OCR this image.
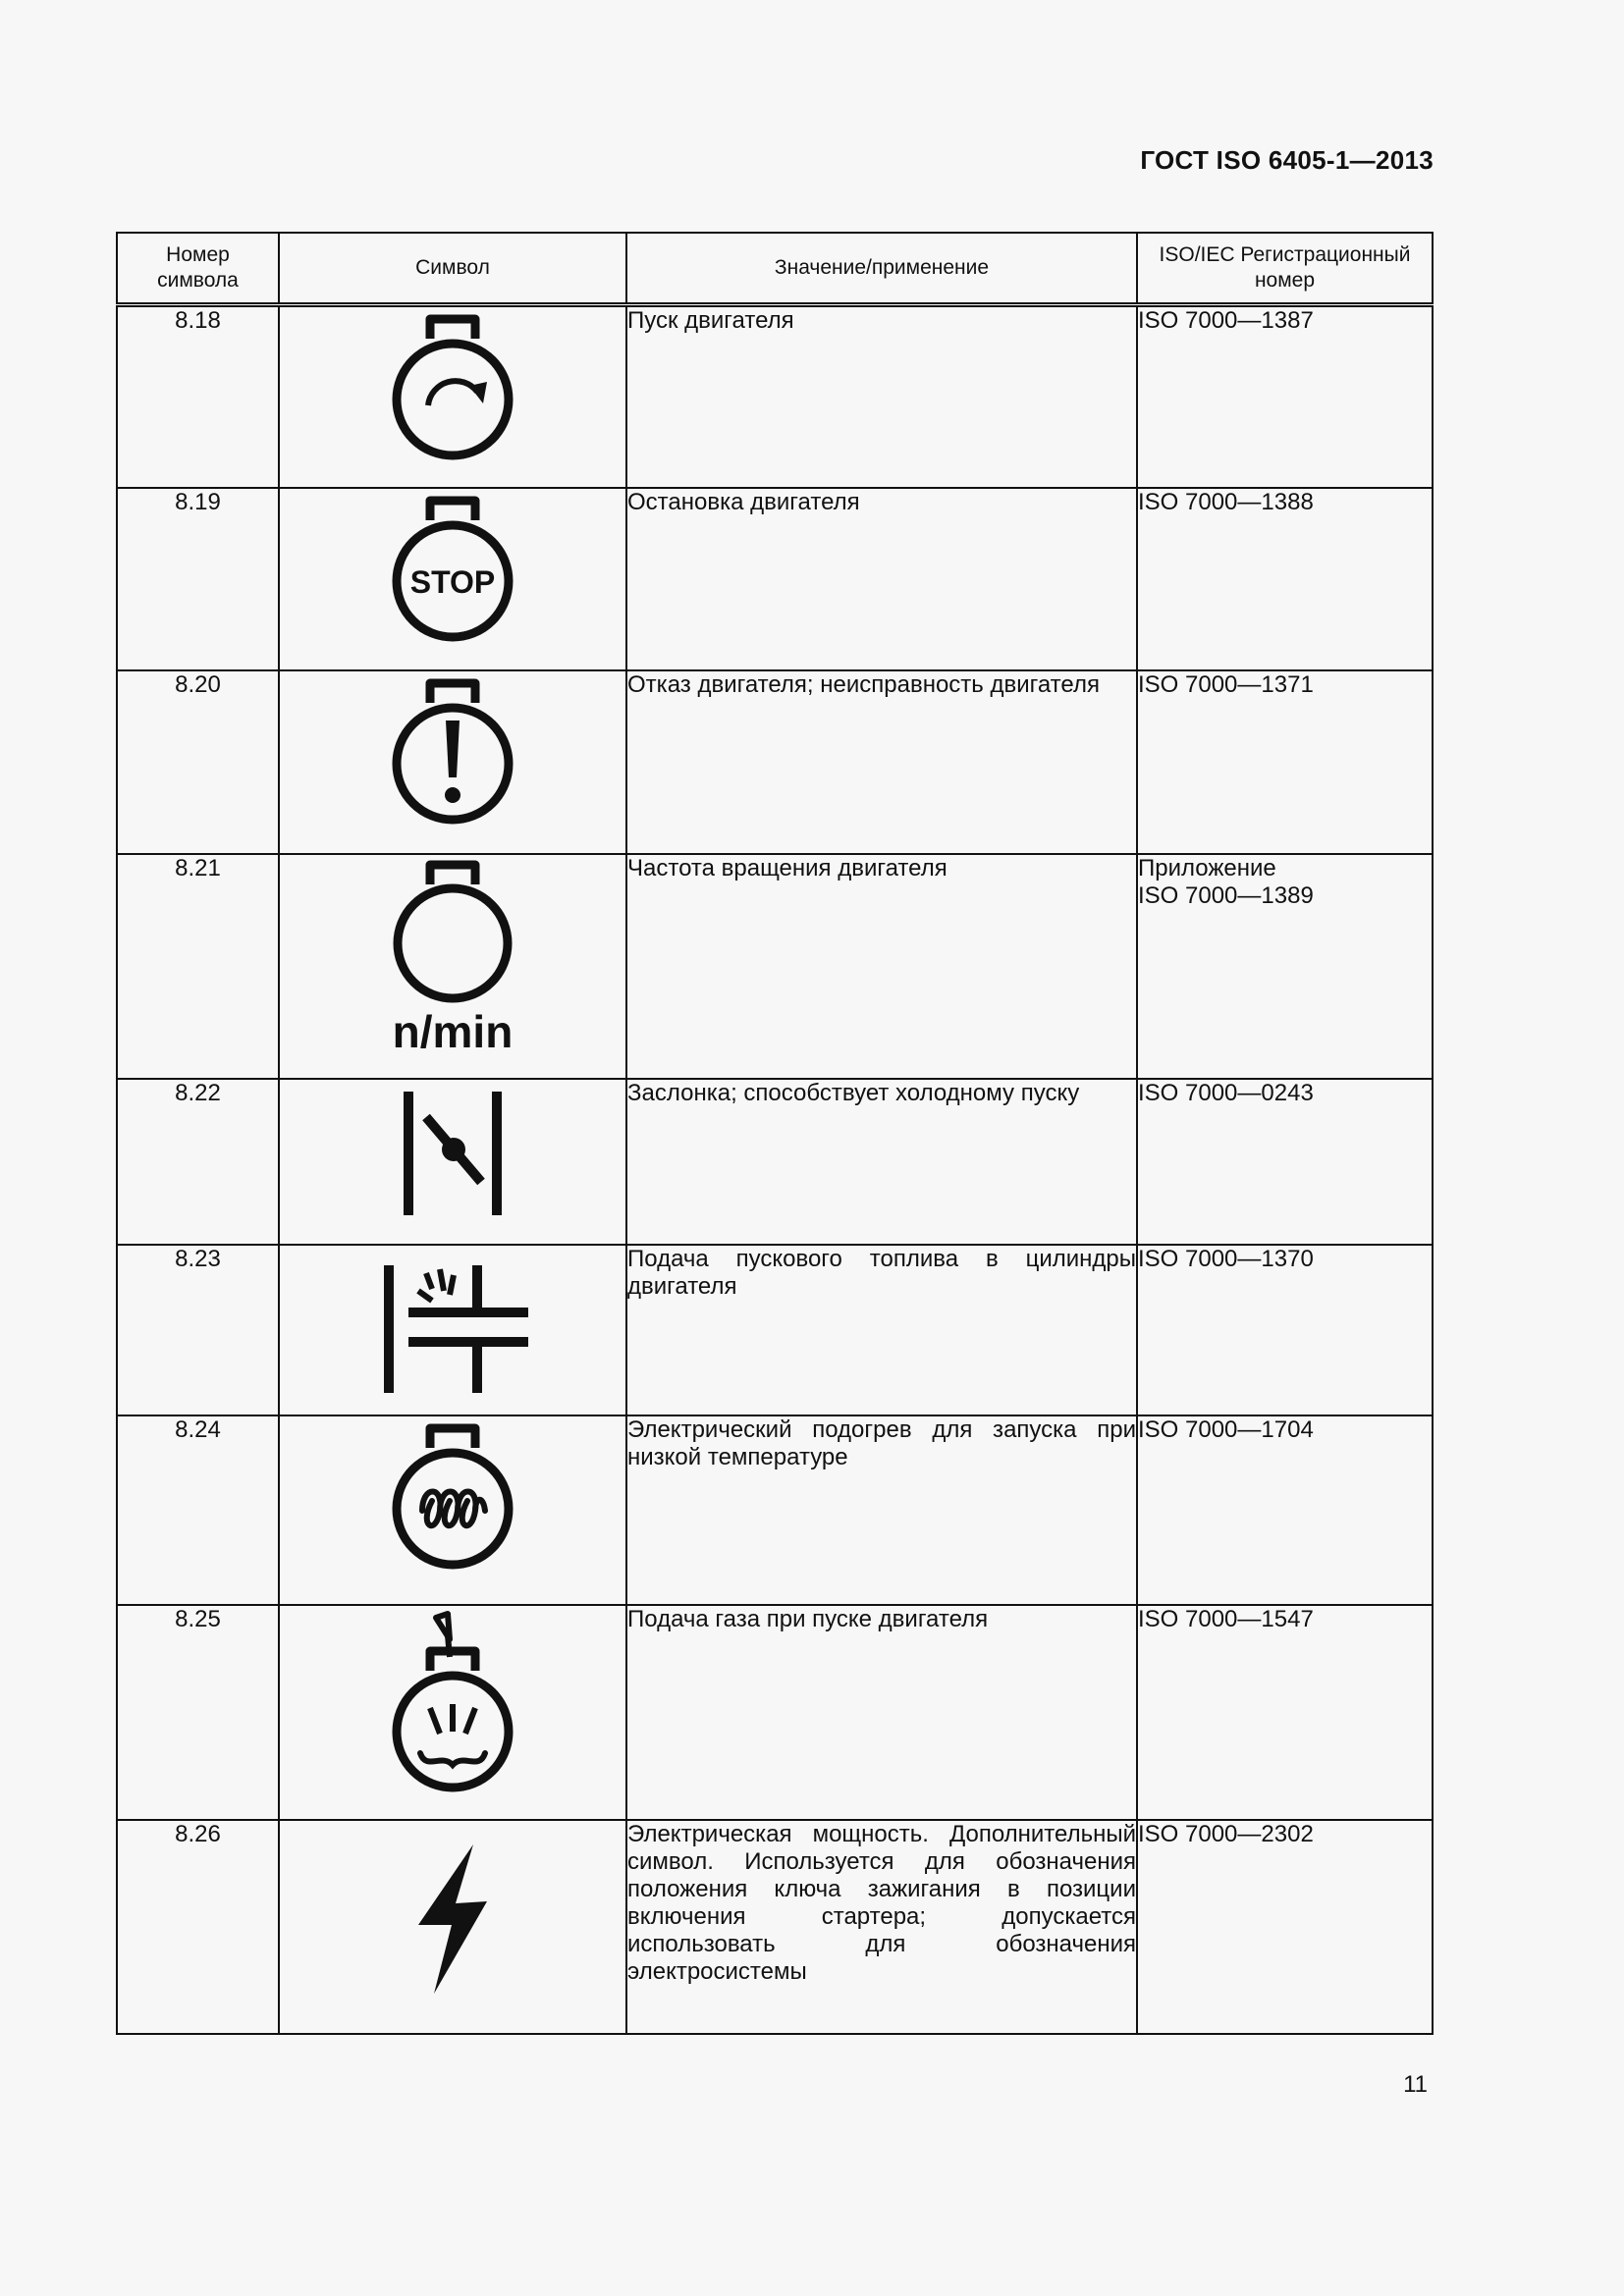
ГОСТ ISO 6405-1—2013
Номер символа	Символ	Значение/применение	ISO/IEC Регистрационный номер
8.18		Пуск двигателя	ISO 7000—1387

8.19	STOP	Остановка двигателя	ISO 7000—1388

8.20		Отказ двигателя; неисправность двигателя	ISO 7000—1371

8.21	n/min	Частота вращения двигателя	Приложение
ISO 7000—1389

8.22		Заслонка; способствует холодному пуску	ISO 7000—0243

8.23		Подача пускового топлива в цилиндры двигателя	ISO 7000—1370

8.24		Электрический подогрев для запуска при низкой температуре	ISO 7000—1704

8.25		Подача газа при пуске двигателя	ISO 7000—1547

8.26		Электрическая мощность. Дополнительный символ. Используется для обозначения положения ключа зажигания в позиции включения стартера; допускается использовать для обозначения электросистемы	ISO 7000—2302
11
